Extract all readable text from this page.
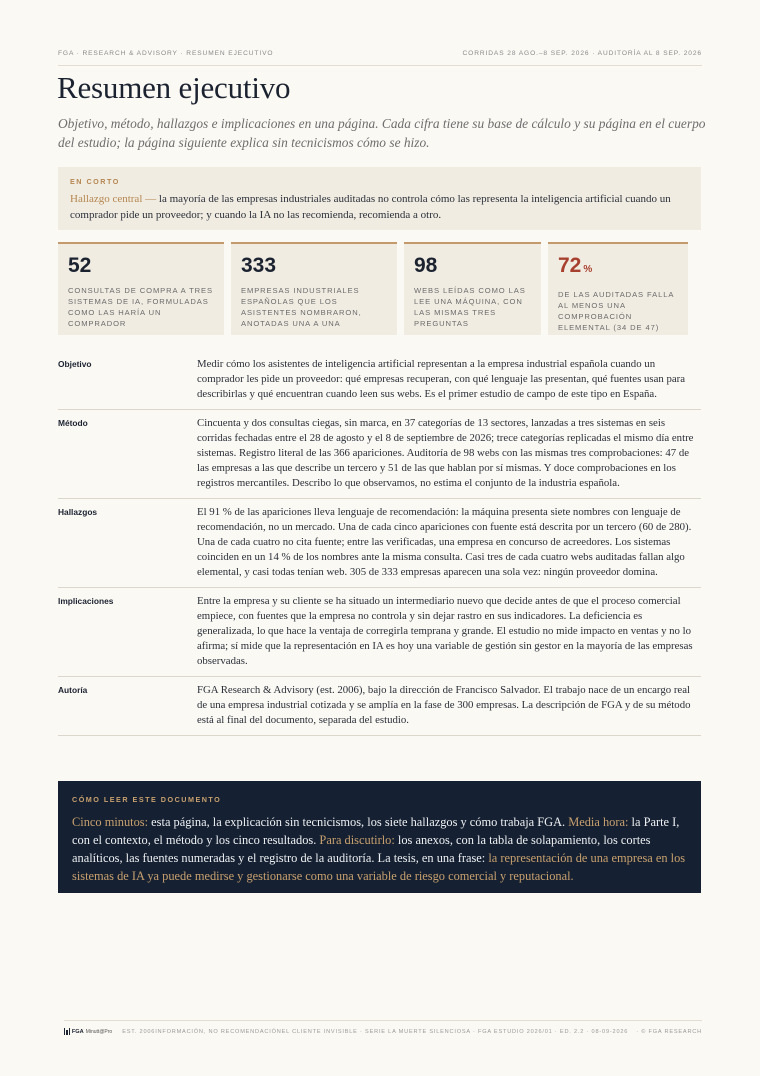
FGA · RESEARCH & ADVISORY · RESUMEN EJECUTIVO	CORRIDAS 28 AGO.–8 SEP. 2026 · AUDITORÍA AL 8 SEP. 2026
Resumen ejecutivo

Objetivo, método, hallazgos e implicaciones en una página. Cada cifra tiene su base de cálculo y su página en el cuerpo del estudio; la página siguiente explica sin tecnicismos cómo se hizo.

EN CORTO
Hallazgo central — la mayoría de las empresas industriales auditadas no controla cómo las representa la inteligencia artificial cuando un comprador pide un proveedor; y cuando la IA no las recomienda, recomienda a otro.
52
CONSULTAS DE COMPRA A TRES SISTEMAS DE IA, FORMULADAS COMO LAS HARÍA UN COMPRADOR
333
EMPRESAS INDUSTRIALES ESPAÑOLAS QUE LOS ASISTENTES NOMBRARON, ANOTADAS UNA A UNA
98
WEBS LEÍDAS COMO LAS LEE UNA MÁQUINA, CON LAS MISMAS TRES PREGUNTAS
72 %
DE LAS AUDITADAS FALLA AL MENOS UNA COMPROBACIÓN ELEMENTAL (34 DE 47)
Objetivo	Medir cómo los asistentes de inteligencia artificial representan a la empresa industrial española cuando un comprador les pide un proveedor: qué empresas recuperan, con qué lenguaje las presentan, qué fuentes usan para describirlas y qué encuentran cuando leen sus webs. Es el primer estudio de campo de este tipo en España.
Método	Cincuenta y dos consultas ciegas, sin marca, en 37 categorías de 13 sectores, lanzadas a tres sistemas en seis corridas fechadas entre el 28 de agosto y el 8 de septiembre de 2026; trece categorías replicadas el mismo día entre sistemas. Registro literal de las 366 apariciones. Auditoría de 98 webs con las mismas tres comprobaciones: 47 de las empresas a las que describe un tercero y 51 de las que hablan por sí mismas. Y doce comprobaciones en los registros mercantiles. Describo lo que observamos, no estima el conjunto de la industria española.
Hallazgos	El 91 % de las apariciones lleva lenguaje de recomendación: la máquina presenta siete nombres con lenguaje de recomendación, no un mercado. Una de cada cinco apariciones con fuente está descrita por un tercero (60 de 280). Una de cada cuatro no cita fuente; entre las verificadas, una empresa en concurso de acreedores. Los sistemas coinciden en un 14 % de los nombres ante la misma consulta. Casi tres de cada cuatro webs auditadas fallan algo elemental, y casi todas tenían web. 305 de 333 empresas aparecen una sola vez: ningún proveedor domina.
Implicaciones	Entre la empresa y su cliente se ha situado un intermediario nuevo que decide antes de que el proceso comercial empiece, con fuentes que la empresa no controla y sin dejar rastro en sus indicadores. La deficiencia es generalizada, lo que hace la ventaja de corregirla temprana y grande. El estudio no mide impacto en ventas y no lo afirma; sí mide que la representación en IA es hoy una variable de gestión sin gestor en la mayoría de las empresas observadas.
Autoría	FGA Research & Advisory (est. 2006), bajo la dirección de Francisco Salvador. El trabajo nace de un encargo real de una empresa industrial cotizada y se amplía en la fase de 300 empresas. La descripción de FGA y de su método está al final del documento, separada del estudio.
CÓMO LEER ESTE DOCUMENTO
Cinco minutos: esta página, la explicación sin tecnicismos, los siete hallazgos y cómo trabaja FGA. Media hora: la Parte I, con el contexto, el método y los cinco resultados. Para discutirlo: los anexos, con la tabla de solapamiento, los cortes analíticos, las fuentes numeradas y el registro de la auditoría. La tesis, en una frase: la representación de una empresa en los sistemas de IA ya puede medirse y gestionarse como una variable de riesgo comercial y reputacional.
FGA Minutt@Pro EST. 2006INFORMACIÓN, NO RECOMENDACIÓNEL CLIENTE INVISIBLE · SERIE LA MUERTE SILENCIOSA · FGA ESTUDIO 2026/01 · ED. 2.2 · 08-09-2026 · © FGA RESEARCH
